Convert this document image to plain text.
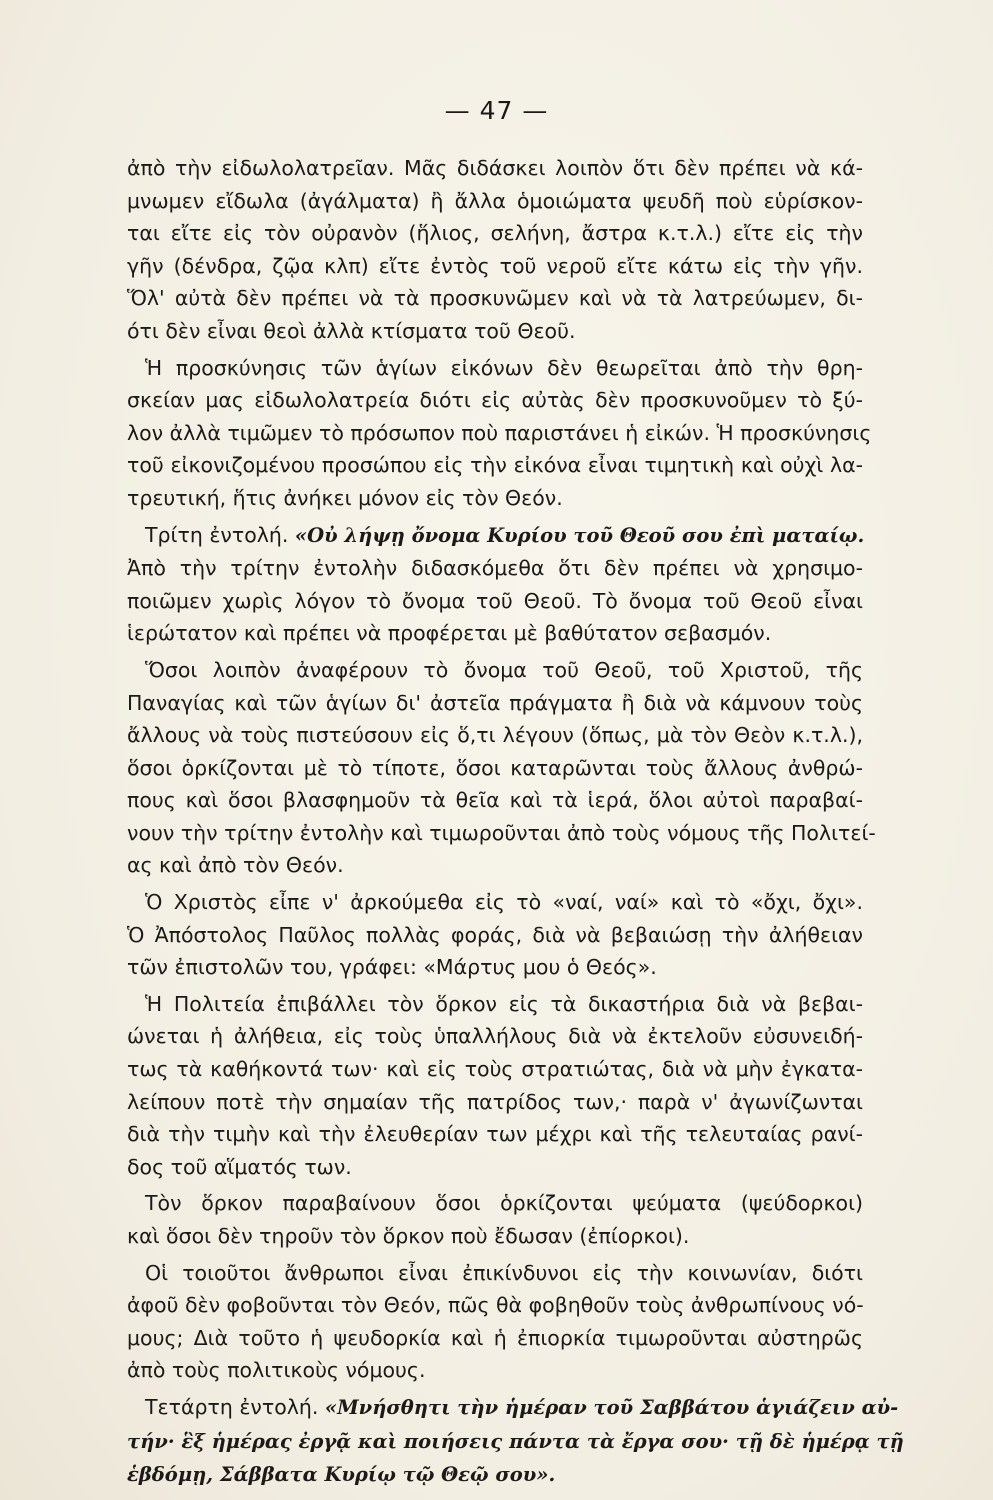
— 47 —
ἀπὸ τὴν εἰδωλολατρεῖαν. Μᾶς διδάσκει λοιπὸν ὅτι δὲν πρέπει νὰ κά-
μνωμεν εἴδωλα (ἀγάλματα) ἢ ἄλλα ὁμοιώματα ψευδῆ ποὺ εὑρίσκον-
ται εἴτε εἰς τὸν οὐρανὸν (ἥλιος, σελήνη, ἄστρα κ.τ.λ.) εἴτε εἰς τὴν
γῆν (δένδρα, ζῷα κλπ) εἴτε ἐντὸς τοῦ νεροῦ εἴτε κάτω εἰς τὴν γῆν.
Ὅλ' αὐτὰ δὲν πρέπει νὰ τὰ προσκυνῶμεν καὶ νὰ τὰ λατρεύωμεν, δι-
ότι δὲν εἶναι θεοὶ ἀλλὰ κτίσματα τοῦ Θεοῦ.
Ἡ προσκύνησις τῶν ἁγίων εἰκόνων δὲν θεωρεῖται ἀπὸ τὴν θρη-
σκείαν μας εἰδωλολατρεία διότι εἰς αὐτὰς δὲν προσκυνοῦμεν τὸ ξύ-
λον ἀλλὰ τιμῶμεν τὸ πρόσωπον ποὺ παριστάνει ἡ εἰκών. Ἡ προσκύνησις
τοῦ εἰκονιζομένου προσώπου εἰς τὴν εἰκόνα εἶναι τιμητικὴ καὶ οὐχὶ λα-
τρευτική, ἥτις ἀνήκει μόνον εἰς τὸν Θεόν.
Τρίτη ἐντολή. «Οὐ λήψῃ ὄνομα Κυρίου τοῦ Θεοῦ σου ἐπὶ ματαίῳ.
Ἀπὸ τὴν τρίτην ἐντολὴν διδασκόμεθα ὅτι δὲν πρέπει νὰ χρησιμο-
ποιῶμεν χωρὶς λόγον τὸ ὄνομα τοῦ Θεοῦ. Τὸ ὄνομα τοῦ Θεοῦ εἶναι
ἱερώτατον καὶ πρέπει νὰ προφέρεται μὲ βαθύτατον σεβασμόν.
Ὅσοι λοιπὸν ἀναφέρουν τὸ ὄνομα τοῦ Θεοῦ, τοῦ Χριστοῦ, τῆς
Παναγίας καὶ τῶν ἁγίων δι' ἀστεῖα πράγματα ἢ διὰ νὰ κάμνουν τοὺς
ἄλλους νὰ τοὺς πιστεύσουν εἰς ὅ,τι λέγουν (ὅπως, μὰ τὸν Θεὸν κ.τ.λ.),
ὅσοι ὁρκίζονται μὲ τὸ τίποτε, ὅσοι καταρῶνται τοὺς ἄλλους ἀνθρώ-
πους καὶ ὅσοι βλασφημοῦν τὰ θεῖα καὶ τὰ ἱερά, ὅλοι αὐτοὶ παραβαί-
νουν τὴν τρίτην ἐντολὴν καὶ τιμωροῦνται ἀπὸ τοὺς νόμους τῆς Πολιτεί-
ας καὶ ἀπὸ τὸν Θεόν.
Ὁ Χριστὸς εἶπε ν' ἀρκούμεθα εἰς τὸ «ναί, ναί» καὶ τὸ «ὄχι, ὄχι».
Ὁ Ἀπόστολος Παῦλος πολλὰς φοράς, διὰ νὰ βεβαιώσῃ τὴν ἀλήθειαν
τῶν ἐπιστολῶν του, γράφει: «Μάρτυς μου ὁ Θεός».
Ἡ Πολιτεία ἐπιβάλλει τὸν ὅρκον εἰς τὰ δικαστήρια διὰ νὰ βεβαι-
ώνεται ἡ ἀλήθεια, εἰς τοὺς ὑπαλλήλους διὰ νὰ ἐκτελοῦν εὐσυνειδή-
τως τὰ καθήκοντά των· καὶ εἰς τοὺς στρατιώτας, διὰ νὰ μὴν ἐγκατα-
λείπουν ποτὲ τὴν σημαίαν τῆς πατρίδος των,· παρὰ ν' ἀγωνίζωνται
διὰ τὴν τιμὴν καὶ τὴν ἐλευθερίαν των μέχρι καὶ τῆς τελευταίας ρανί-
δος τοῦ αἵματός των.
Τὸν ὅρκον παραβαίνουν ὅσοι ὁρκίζονται ψεύματα (ψεύδορκοι)
καὶ ὅσοι δὲν τηροῦν τὸν ὅρκον ποὺ ἔδωσαν (ἐπίορκοι).
Οἱ τοιοῦτοι ἄνθρωποι εἶναι ἐπικίνδυνοι εἰς τὴν κοινωνίαν, διότι
ἀφοῦ δὲν φοβοῦνται τὸν Θεόν, πῶς θὰ φοβηθοῦν τοὺς ἀνθρωπίνους νό-
μους; Διὰ τοῦτο ἡ ψευδορκία καὶ ἡ ἐπιορκία τιμωροῦνται αὐστηρῶς
ἀπὸ τοὺς πολιτικοὺς νόμους.
Τετάρτη ἐντολή. «Μνήσθητι τὴν ἡμέραν τοῦ Σαββάτου ἁγιάζειν αὐ-
τήν· ἓξ ἡμέρας ἐργᾷ καὶ ποιήσεις πάντα τὰ ἔργα σου· τῇ δὲ ἡμέρᾳ τῇ
ἑβδόμῃ, Σάββατα Κυρίῳ τῷ Θεῷ σου».
